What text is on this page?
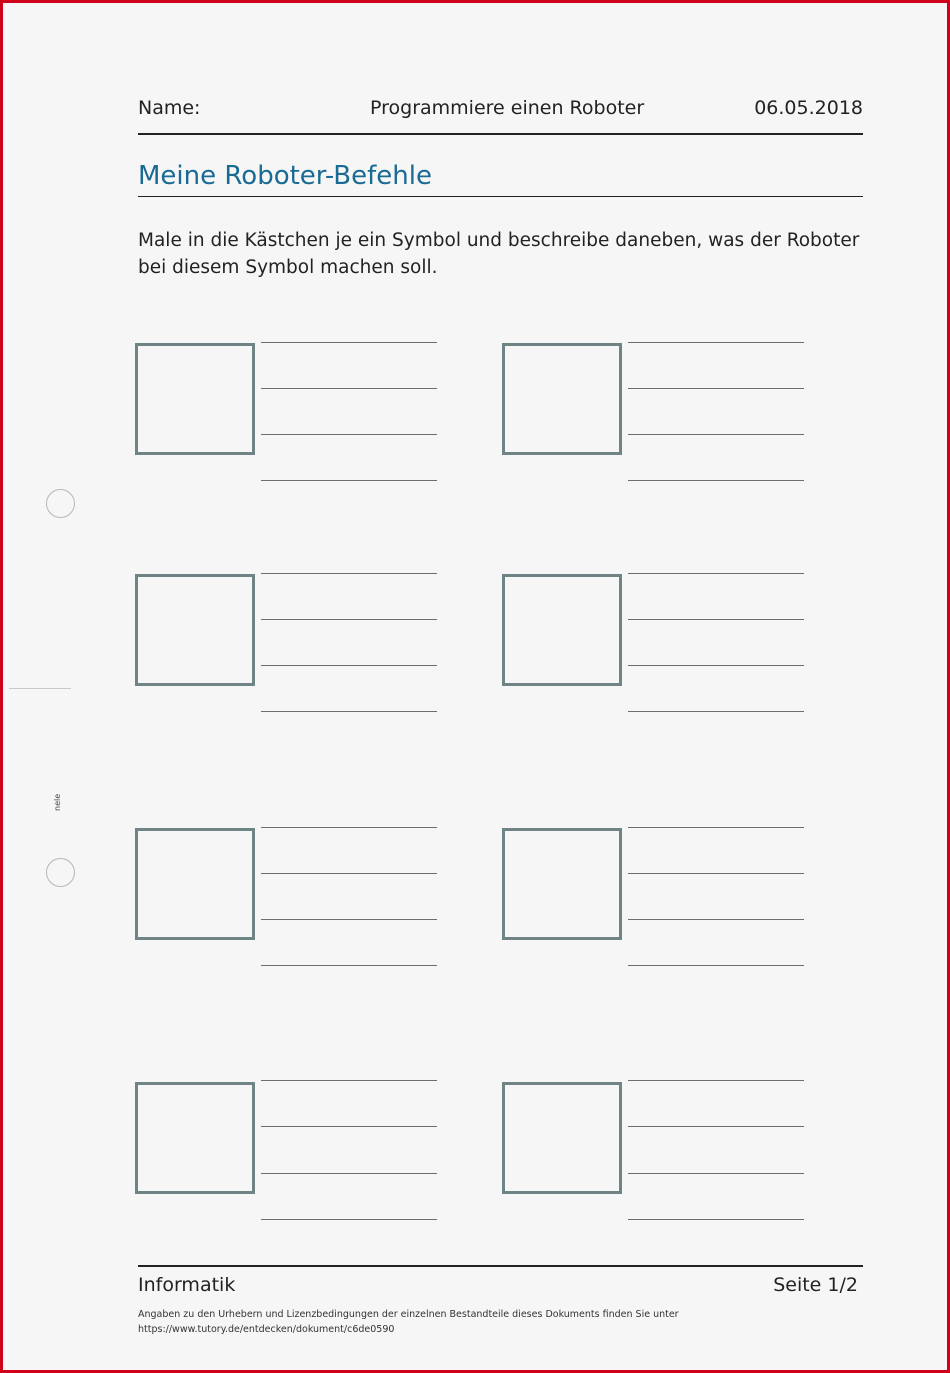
Name:	Programmiere einen Roboter	06.05.2018
Meine Roboter-Befehle
Male in die Kästchen je ein Symbol und beschreibe daneben, was der Roboter bei diesem Symbol machen soll.
nele
Informatik	Seite 1/2
Angaben zu den Urhebern und Lizenzbedingungen der einzelnen Bestandteile dieses Dokuments finden Sie unter
https://www.tutory.de/entdecken/dokument/c6de0590
